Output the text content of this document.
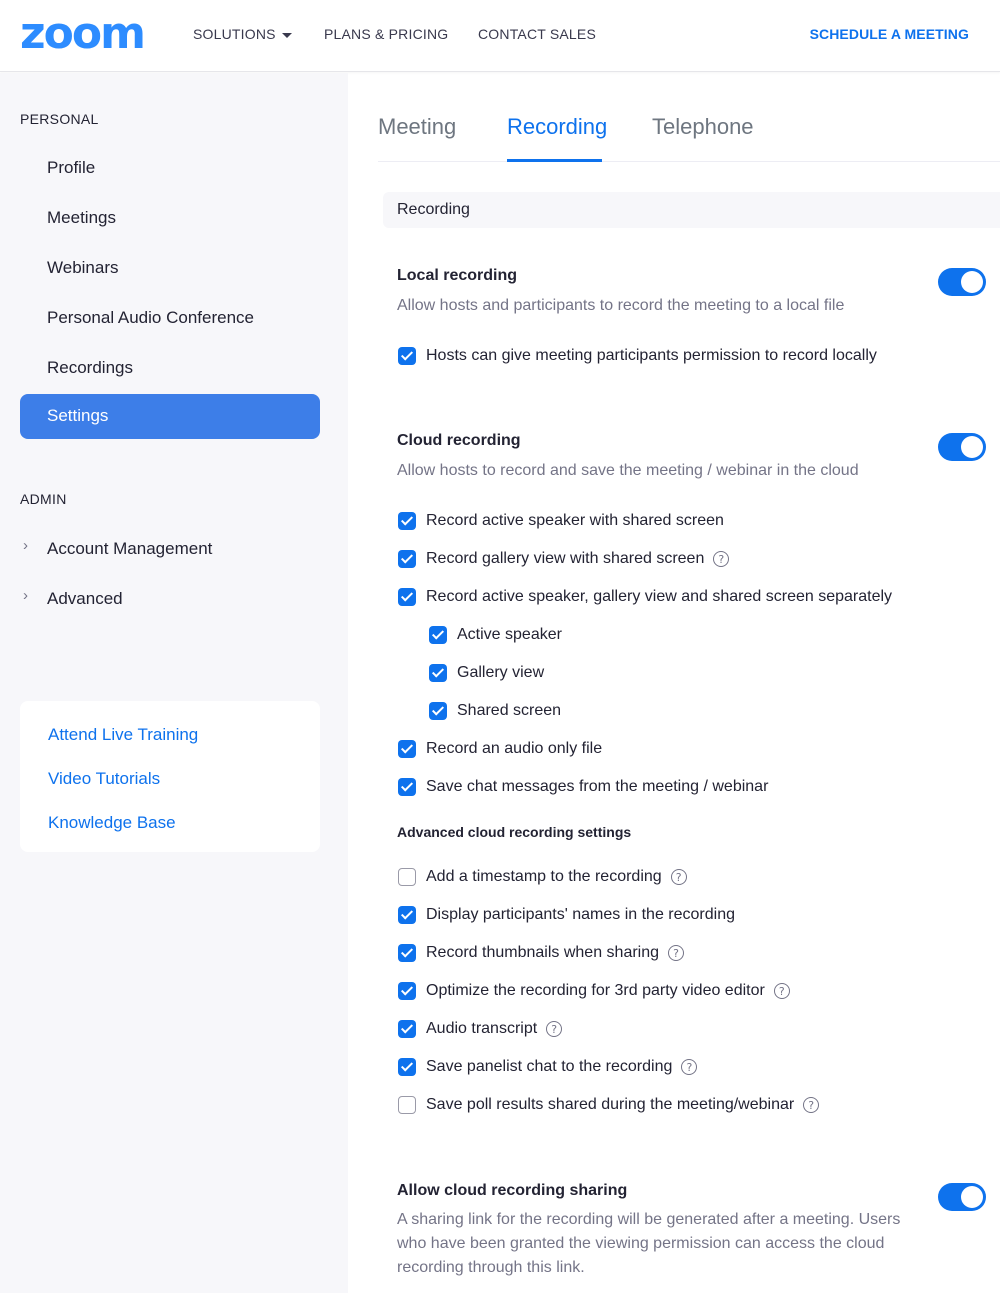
zoom	SOLUTIONS	PLANS & PRICING CONTACT SALES	SCHEDULE A MEETING
PERSONAL
Profile
Meetings
Webinars
Personal Audio Conference
Recordings
Settings
ADMIN
› Account Management
› Advanced
Attend Live Training
Video Tutorials
Knowledge Base
Meeting Recording Telephone
Recording
Local recording
Allow hosts and participants to record the meeting to a local file
Hosts can give meeting participants permission to record locally
Cloud recording
Allow hosts to record and save the meeting / webinar in the cloud
Record active speaker with shared screen
Record gallery view with shared screen	?
Record active speaker, gallery view and shared screen separately
Active speaker
Gallery view
Shared screen
Record an audio only file
Save chat messages from the meeting / webinar
Advanced cloud recording settings
Add a timestamp to the recording	?
Display participants' names in the recording
Record thumbnails when sharing	?
Optimize the recording for 3rd party video editor	?
Audio transcript	?
Save panelist chat to the recording	?
Save poll results shared during the meeting/webinar	?
Allow cloud recording sharing
A sharing link for the recording will be generated after a meeting. Users
who have been granted the viewing permission can access the cloud
recording through this link.
